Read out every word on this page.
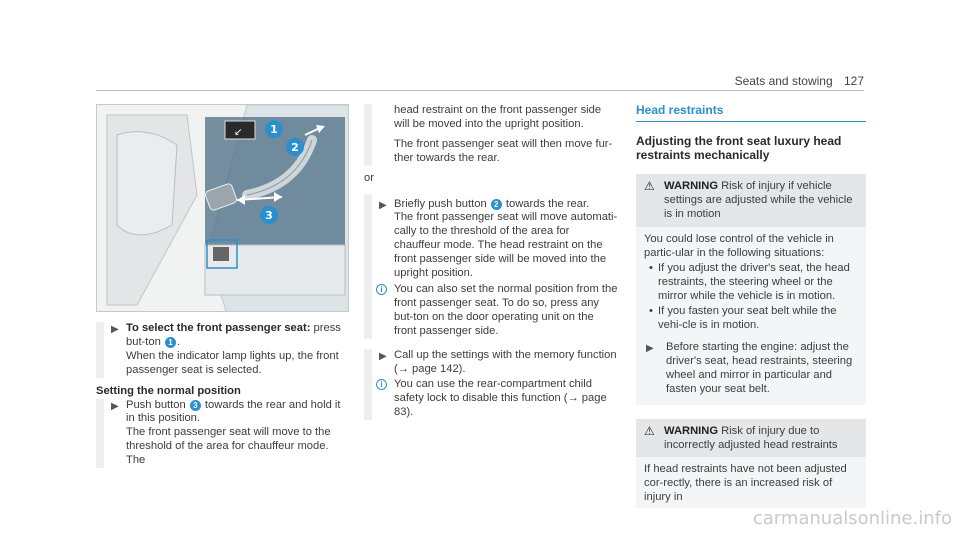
Seats and stowing 127
↙	1
2
3
▶ To select the front passenger seat: press but-ton 1 .
When the indicator lamp lights up, the front passenger seat is selected.
Setting the normal position
▶ Push button 3 towards the rear and hold it in this position.
The front passenger seat will move to the threshold of the area for chauffeur mode. The

head restraint on the front passenger side will be moved into the upright position.

The front passenger seat will then move fur-ther towards the rear.

or

▶ Briefly push button 2 towards the rear.
The front passenger seat will move automati-cally to the threshold of the area for chauffeur mode. The head restraint on the front passenger side will be moved into the upright position.
i	You can also set the normal position from the front passenger seat. To do so, press any but-ton on the door operating unit on the front passenger side.
▶ Call up the settings with the memory function (→ page 142).
i	You can use the rear-compartment child safety lock to disable this function (→ page 83).
Head restraints
Adjusting the front seat luxury head restraints mechanically
⚠ WARNING Risk of injury if vehicle settings are adjusted while the vehicle is in motion

You could lose control of the vehicle in partic-ular in the following situations:

• If you adjust the driver's seat, the head restraints, the steering wheel or the mirror while the vehicle is in motion.
• If you fasten your seat belt while the vehi-cle is in motion.
▶	Before starting the engine: adjust the driver's seat, head restraints, steering wheel and mirror in particular and fasten your seat belt.
⚠ WARNING Risk of injury due to incorrectly adjusted head restraints

If head restraints have not been adjusted cor-rectly, there is an increased risk of injury in

carmanualsonline.info
